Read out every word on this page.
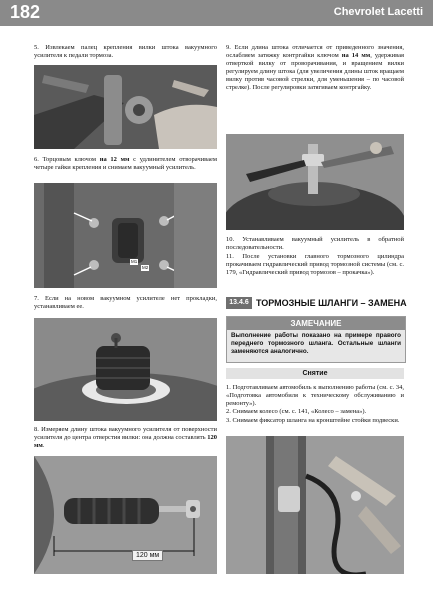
182	Chevrolet Lacetti
5. Извлекаем палец крепления вилки штока вакуумного усилителя к педали тормоза.
6. Торцовым ключом на 12 мм с удлинителем отворачиваем четыре гайки крепления и снимаем вакуумный усилитель.
M1
M2
7. Если на новом вакуумном усилителе нет прокладки, устанавливаем ее.
8. Измеряем длину штока вакуумного усилителя от поверхности усилителя до центра отверстия вилки: она должна составлять 120 мм.
120 мм
9. Если длина штока отличается от приведенного значения, ослабляем затяжку контргайки ключом на 14 мм, удерживая отверткой вилку от проворачивания, и вращением вилки регулируем длину штока (для увеличения длины шток вращаем вилку против часовой стрелки, для уменьшения – по часовой стрелке). После регулировки затягиваем контргайку.
10. Устанавливаем вакуумный усилитель в обратной последовательности.
11. После установки главного тормозного цилиндра прокачиваем гидравлический привод тормозной системы (см. с. 179, «Гидравлический привод тормозов – прокачка»).
13.4.6 ТОРМОЗНЫЕ ШЛАНГИ – ЗАМЕНА
ЗАМЕЧАНИЕ
Выполнение работы показано на примере правого переднего тормозного шланга. Остальные шланги заменяются аналогично.
Снятие
1. Подготавливаем автомобиль к выполнению работы (см. с. 34, «Подготовка автомобиля к техническому обслуживанию и ремонту»).
2. Снимаем колесо (см. с. 141, «Колесо – замена»).
3. Снимаем фиксатор шланга на кронштейне стойки подвески.
